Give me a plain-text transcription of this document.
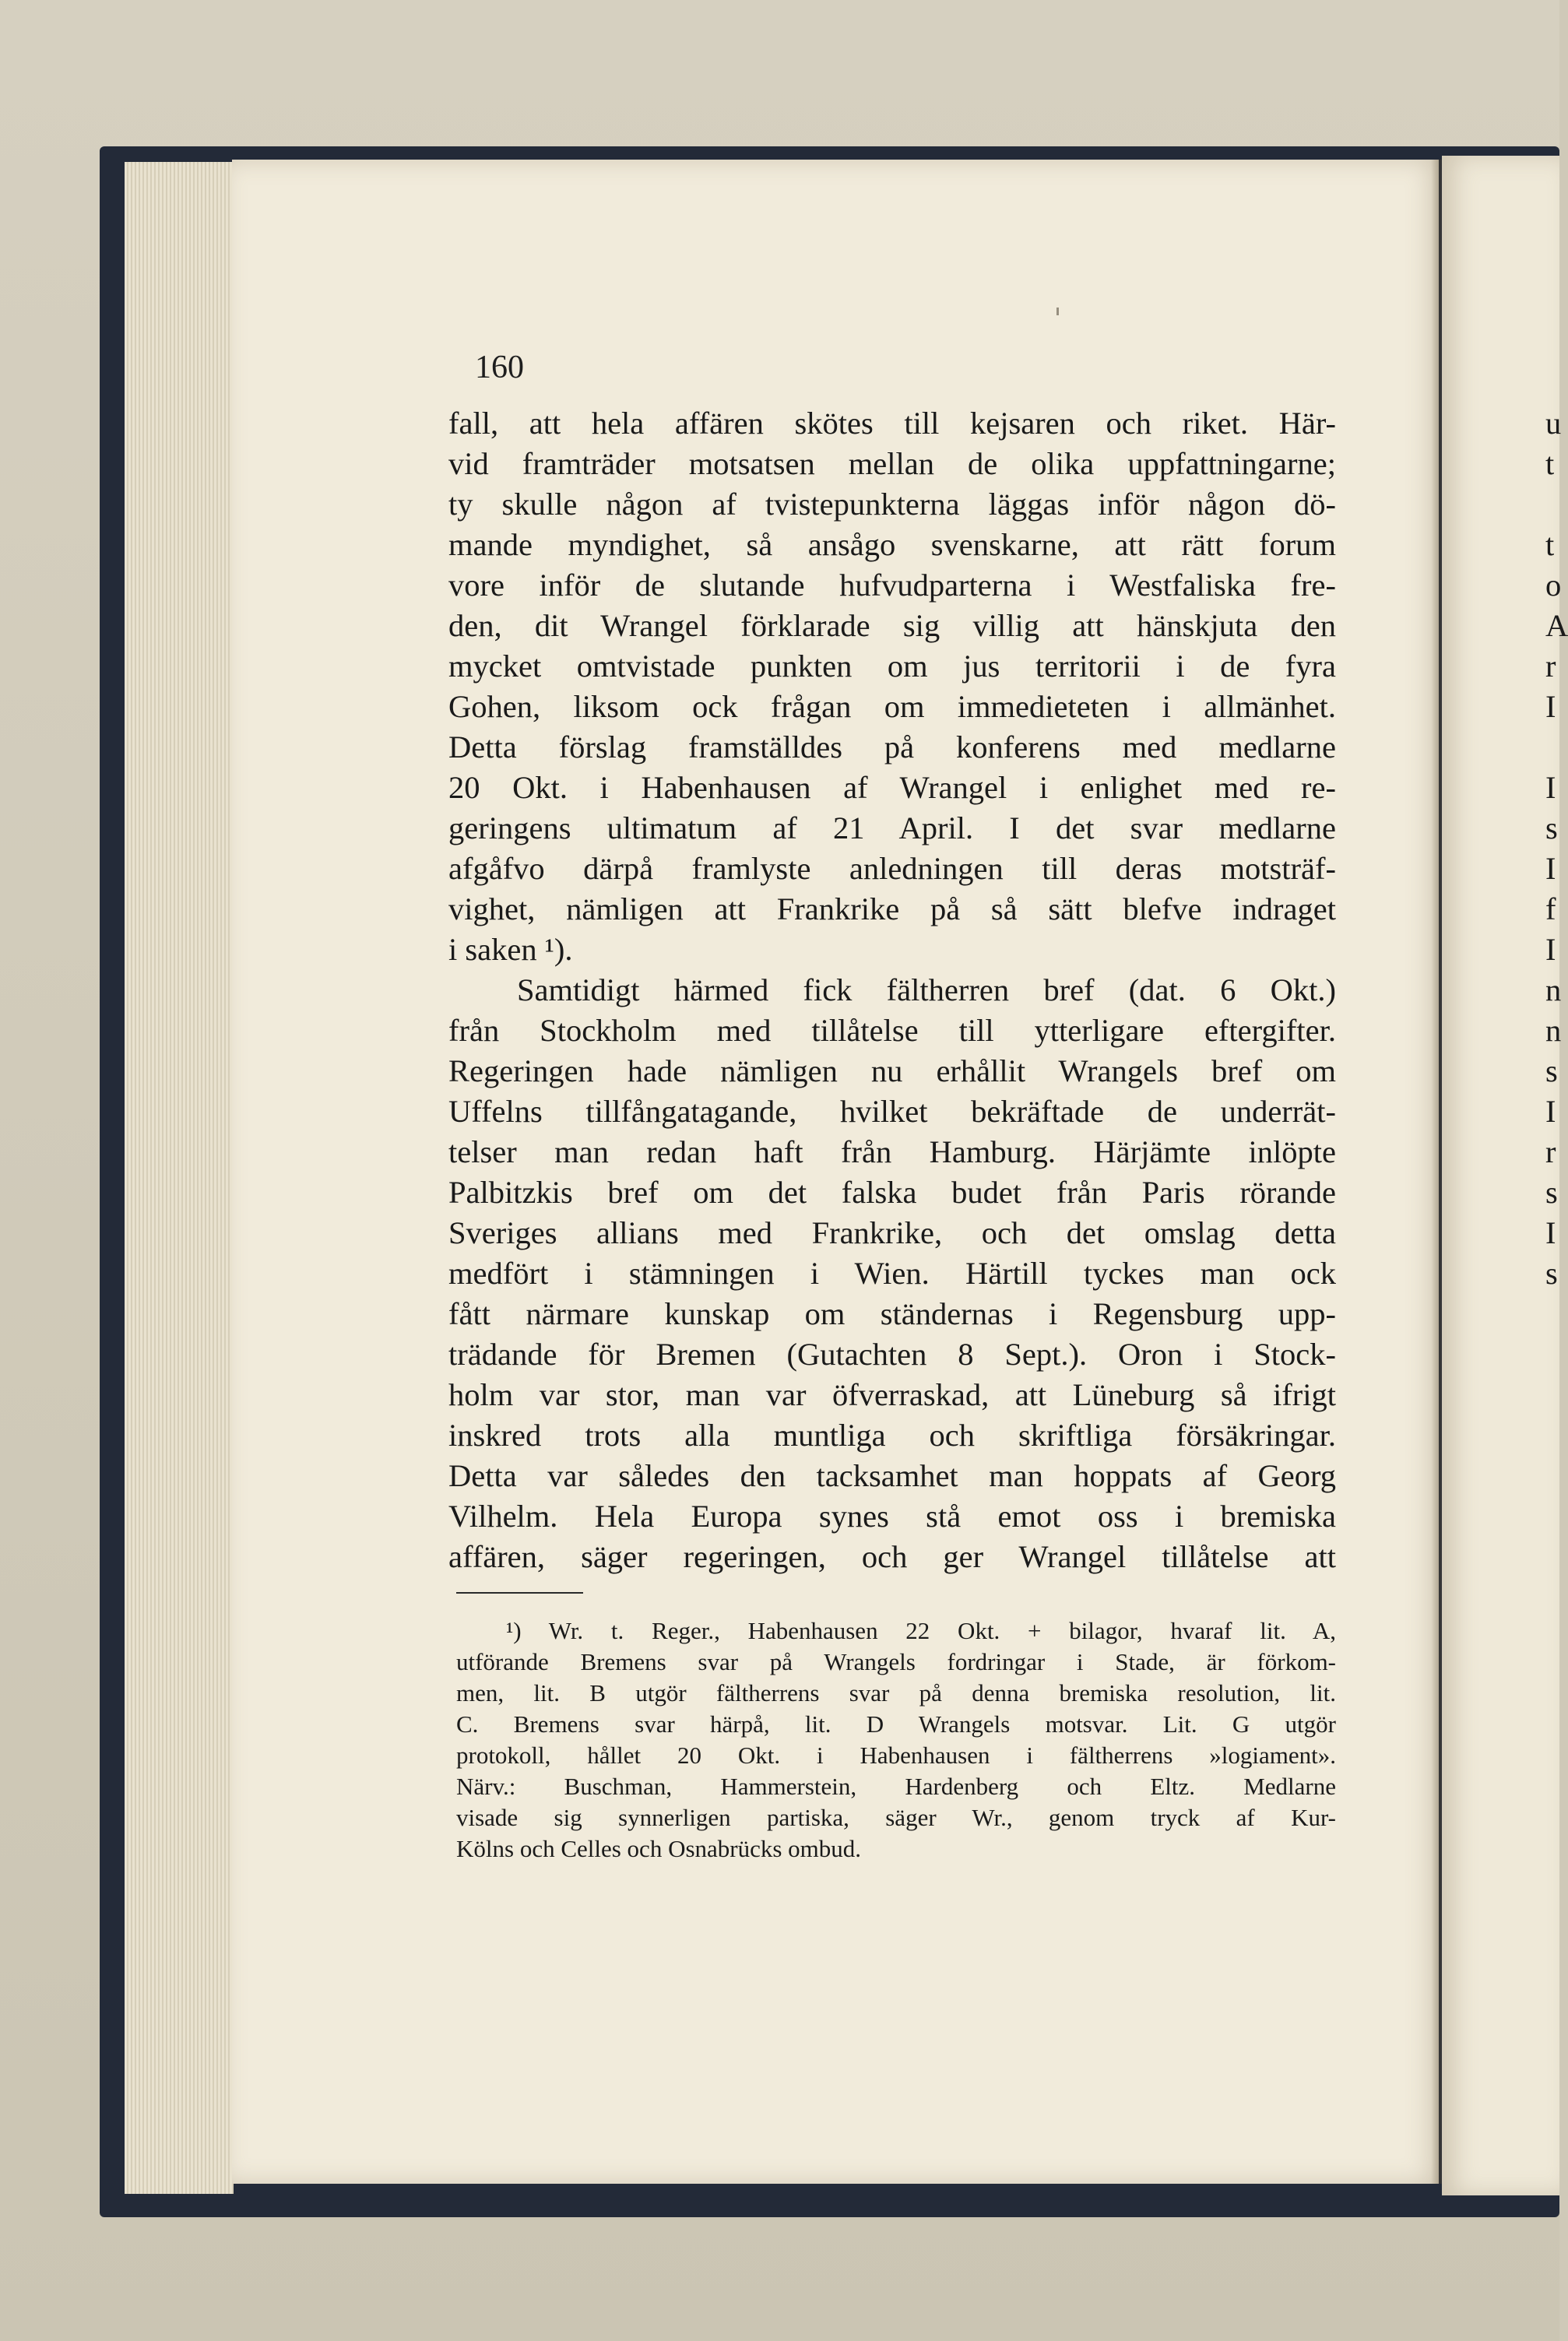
160
fall, att hela affären skötes till kejsaren och riket. Här-
vid framträder motsatsen mellan de olika uppfattningarne;
ty skulle någon af tvistepunkterna läggas inför någon dö-
mande myndighet, så ansågo svenskarne, att rätt forum
vore inför de slutande hufvudparterna i Westfaliska fre-
den, dit Wrangel förklarade sig villig att hänskjuta den
mycket omtvistade punkten om jus territorii i de fyra
Gohen, liksom ock frågan om immedieteten i allmänhet.
Detta förslag framställdes på konferens med medlarne
20 Okt. i Habenhausen af Wrangel i enlighet med re-
geringens ultimatum af 21 April. I det svar medlarne
afgåfvo därpå framlyste anledningen till deras motsträf-
vighet, nämligen att Frankrike på så sätt blefve indraget
i saken ¹).
Samtidigt härmed fick fältherren bref (dat. 6 Okt.)
från Stockholm med tillåtelse till ytterligare eftergifter.
Regeringen hade nämligen nu erhållit Wrangels bref om
Uffelns tillfångatagande, hvilket bekräftade de underrät-
telser man redan haft från Hamburg. Härjämte inlöpte
Palbitzkis bref om det falska budet från Paris rörande
Sveriges allians med Frankrike, och det omslag detta
medfört i stämningen i Wien. Härtill tyckes man ock
fått närmare kunskap om ständernas i Regensburg upp-
trädande för Bremen (Gutachten 8 Sept.). Oron i Stock-
holm var stor, man var öfverraskad, att Lüneburg så ifrigt
inskred trots alla muntliga och skriftliga försäkringar.
Detta var således den tacksamhet man hoppats af Georg
Vilhelm. Hela Europa synes stå emot oss i bremiska
affären, säger regeringen, och ger Wrangel tillåtelse att
¹) Wr. t. Reger., Habenhausen 22 Okt. + bilagor, hvaraf lit. A,
utförande Bremens svar på Wrangels fordringar i Stade, är förkom-
men, lit. B utgör fältherrens svar på denna bremiska resolution, lit.
C. Bremens svar härpå, lit. D Wrangels motsvar. Lit. G utgör
protokoll, hållet 20 Okt. i Habenhausen i fältherrens »logiament».
Närv.: Buschman, Hammerstein, Hardenberg och Eltz. Medlarne
visade sig synnerligen partiska, säger Wr., genom tryck af Kur-
Kölns och Celles och Osnabrücks ombud.
u
t
t
o
A
r
I
I
s
I
f
I
n
n
s
I
r
s
I
s
